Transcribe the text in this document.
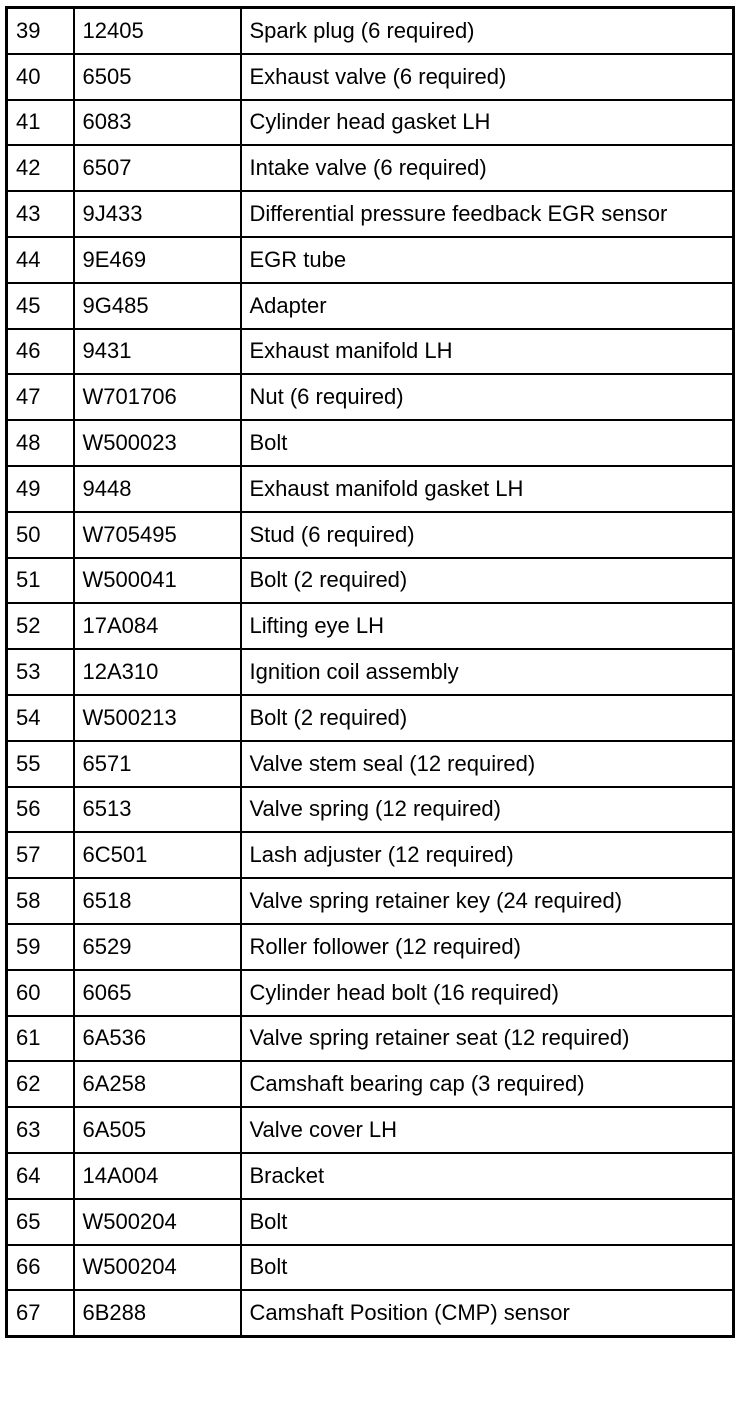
39	12405	Spark plug (6 required)
40	6505	Exhaust valve (6 required)
41	6083	Cylinder head gasket LH
42	6507	Intake valve (6 required)
43	9J433	Differential pressure feedback EGR sensor
44	9E469	EGR tube
45	9G485	Adapter
46	9431	Exhaust manifold LH
47	W701706	Nut (6 required)
48	W500023	Bolt
49	9448	Exhaust manifold gasket LH
50	W705495	Stud (6 required)
51	W500041	Bolt (2 required)
52	17A084	Lifting eye LH
53	12A310	Ignition coil assembly
54	W500213	Bolt (2 required)
55	6571	Valve stem seal (12 required)
56	6513	Valve spring (12 required)
57	6C501	Lash adjuster (12 required)
58	6518	Valve spring retainer key (24 required)
59	6529	Roller follower (12 required)
60	6065	Cylinder head bolt (16 required)
61	6A536	Valve spring retainer seat (12 required)
62	6A258	Camshaft bearing cap (3 required)
63	6A505	Valve cover LH
64	14A004	Bracket
65	W500204	Bolt
66	W500204	Bolt
67	6B288	Camshaft Position (CMP) sensor
